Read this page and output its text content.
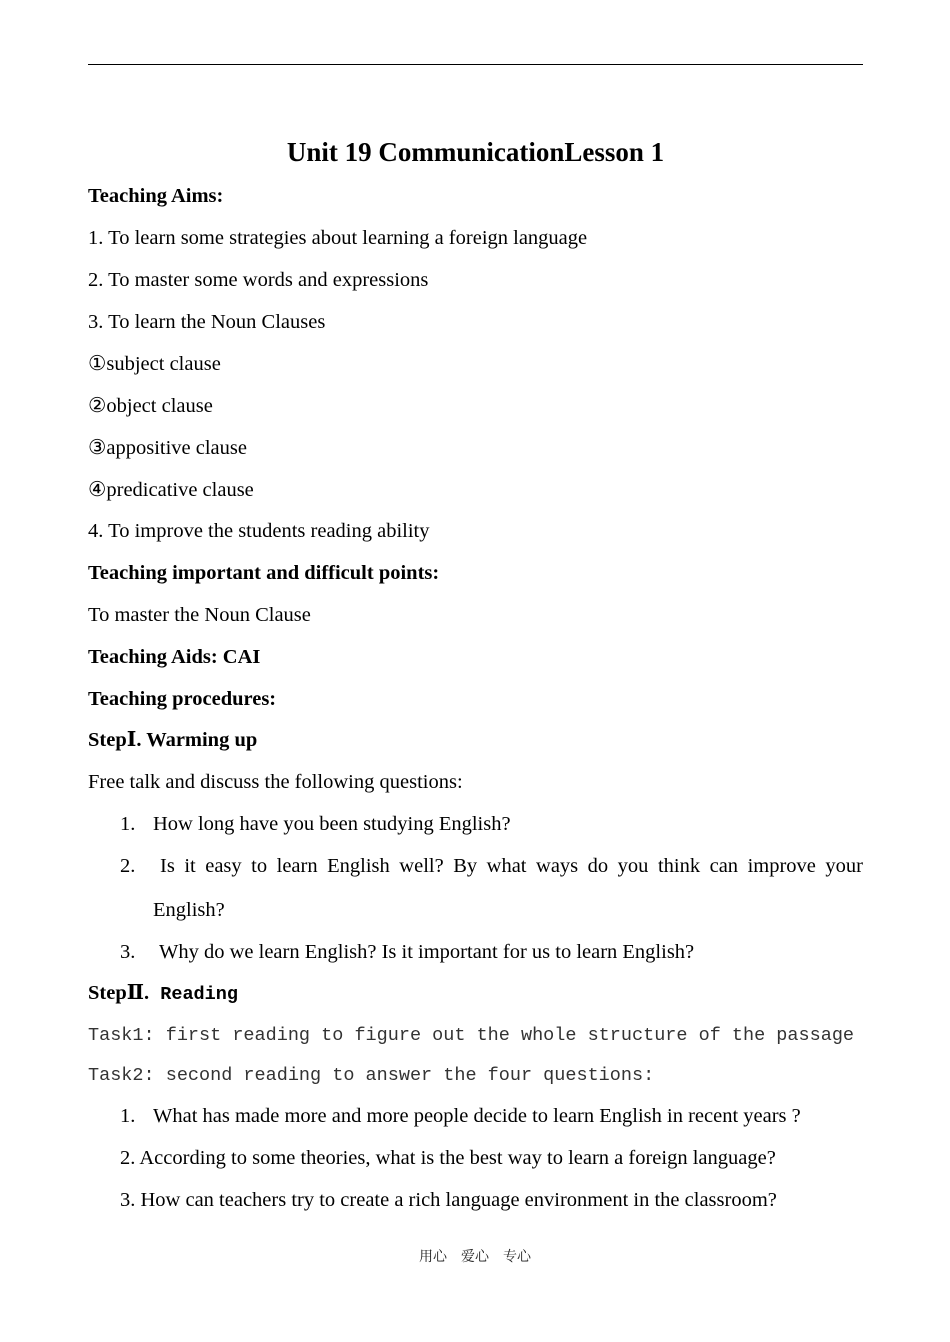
Unit 19 CommunicationLesson 1
Teaching Aims:
1. To learn some strategies about learning a foreign language
2. To master some words and expressions
3. To learn the Noun Clauses
①subject clause
②object clause
③appositive clause
④predicative clause
4. To improve the students reading ability
Teaching important and difficult points:
To master the Noun Clause
Teaching Aids: CAI
Teaching procedures:
StepⅠ. Warming up
Free talk and discuss the following questions:
1. How long have you been studying English?
2. Is it easy to learn English well? By what ways do you think can improve your
English?
3. Why do we learn English? Is it important for us to learn English?
StepⅡ. Reading
Task1: first reading to figure out the whole structure of the passage
Task2: second reading to answer the four questions:
1. What has made more and more people decide to learn English in recent years ?
2. According to some theories, what is the best way to learn a foreign language?
3. How can teachers try to create a rich language environment in the classroom?
用心　爱心　专心
